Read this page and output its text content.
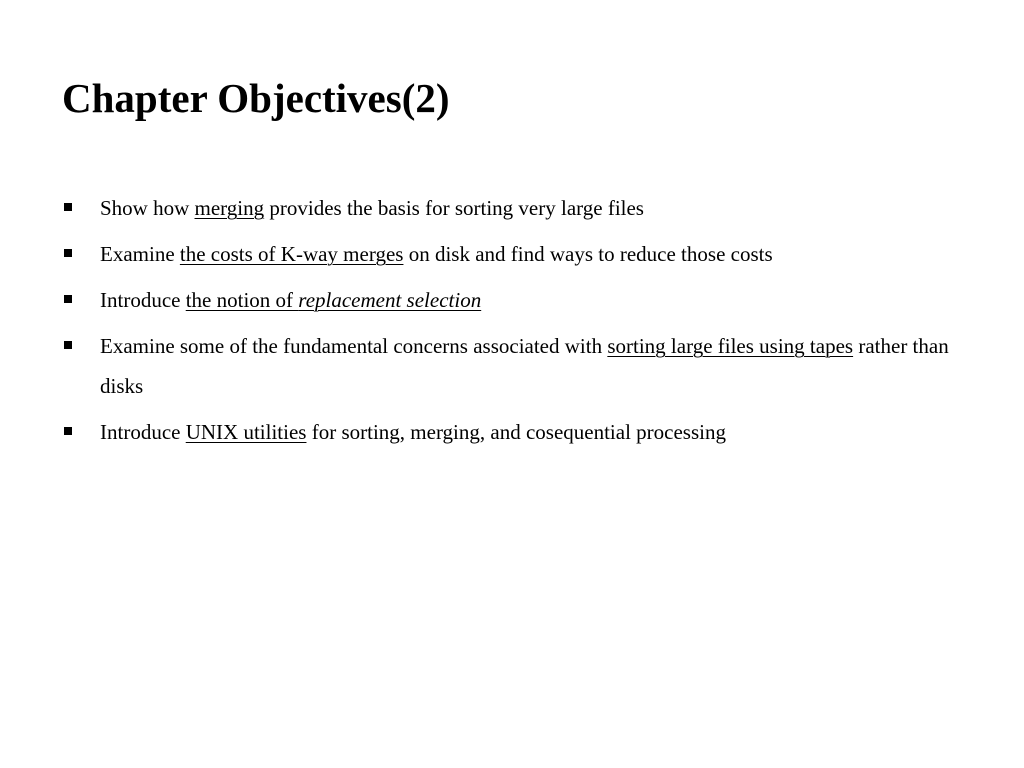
Chapter Objectives(2)
Show how merging provides the basis for sorting very large files
Examine the costs of K-way merges on disk and find ways to reduce those costs
Introduce the notion of replacement selection
Examine some of the fundamental concerns associated with sorting large files using tapes rather than disks
Introduce UNIX utilities for sorting, merging, and cosequential processing
